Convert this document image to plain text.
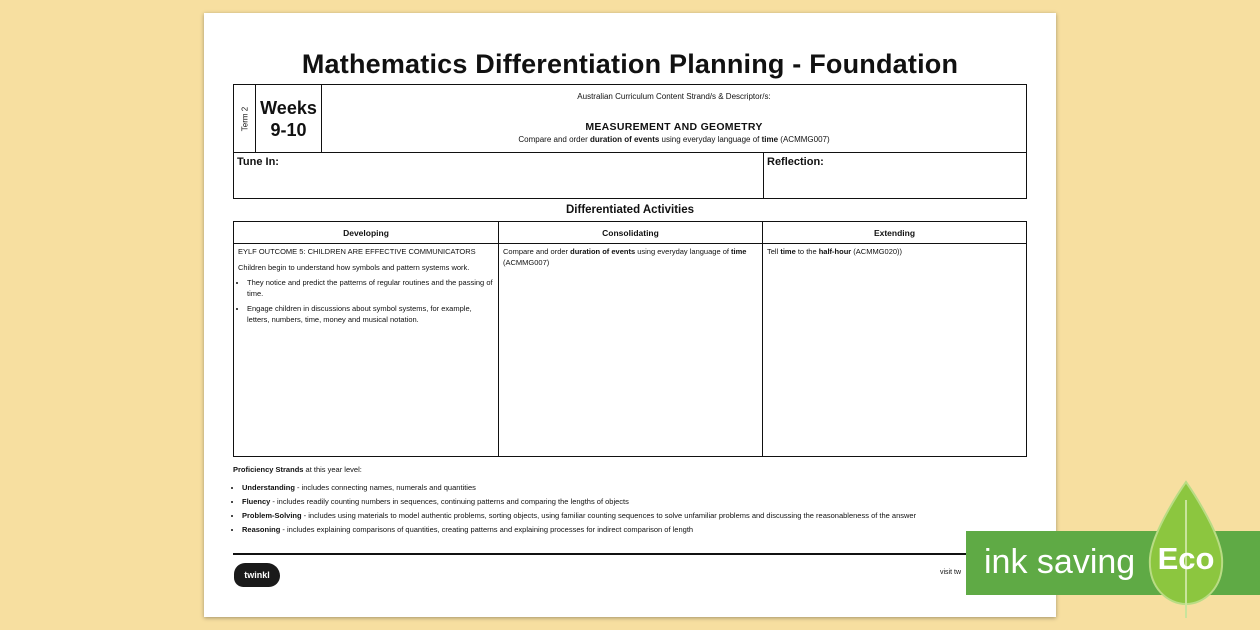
Mathematics Differentiation Planning - Foundation
Term 2 Weeks
9-10
Australian Curriculum Content Strand/s & Descriptor/s:
MEASUREMENT AND GEOMETRY
Compare and order duration of events using everyday language of time (ACMMG007)
Tune In:	Reflection:
Differentiated Activities
Developing

EYLF OUTCOME 5: CHILDREN ARE EFFECTIVE COMMUNICATORS

Children begin to understand how symbols and pattern systems work.

• They notice and predict the patterns of regular routines and the passing of time.
• Engage children in discussions about symbol systems, for example, letters, numbers, time, money and musical notation.
Consolidating
Compare and order duration of events using everyday language of time (ACMMG007)
Extending
Tell time to the half-hour (ACMMG020))
Proficiency Strands at this year level:
• Understanding - includes connecting names, numerals and quantities
• Fluency - includes readily counting numbers in sequences, continuing patterns and comparing the lengths of objects
• Problem-Solving - includes using materials to model authentic problems, sorting objects, using familiar counting sequences to solve unfamiliar problems and discussing the reasonableness of the answer
• Reasoning - includes explaining comparisons of quantities, creating patterns and explaining processes for indirect comparison of length
twinkl	visit tw ink saving Eco
